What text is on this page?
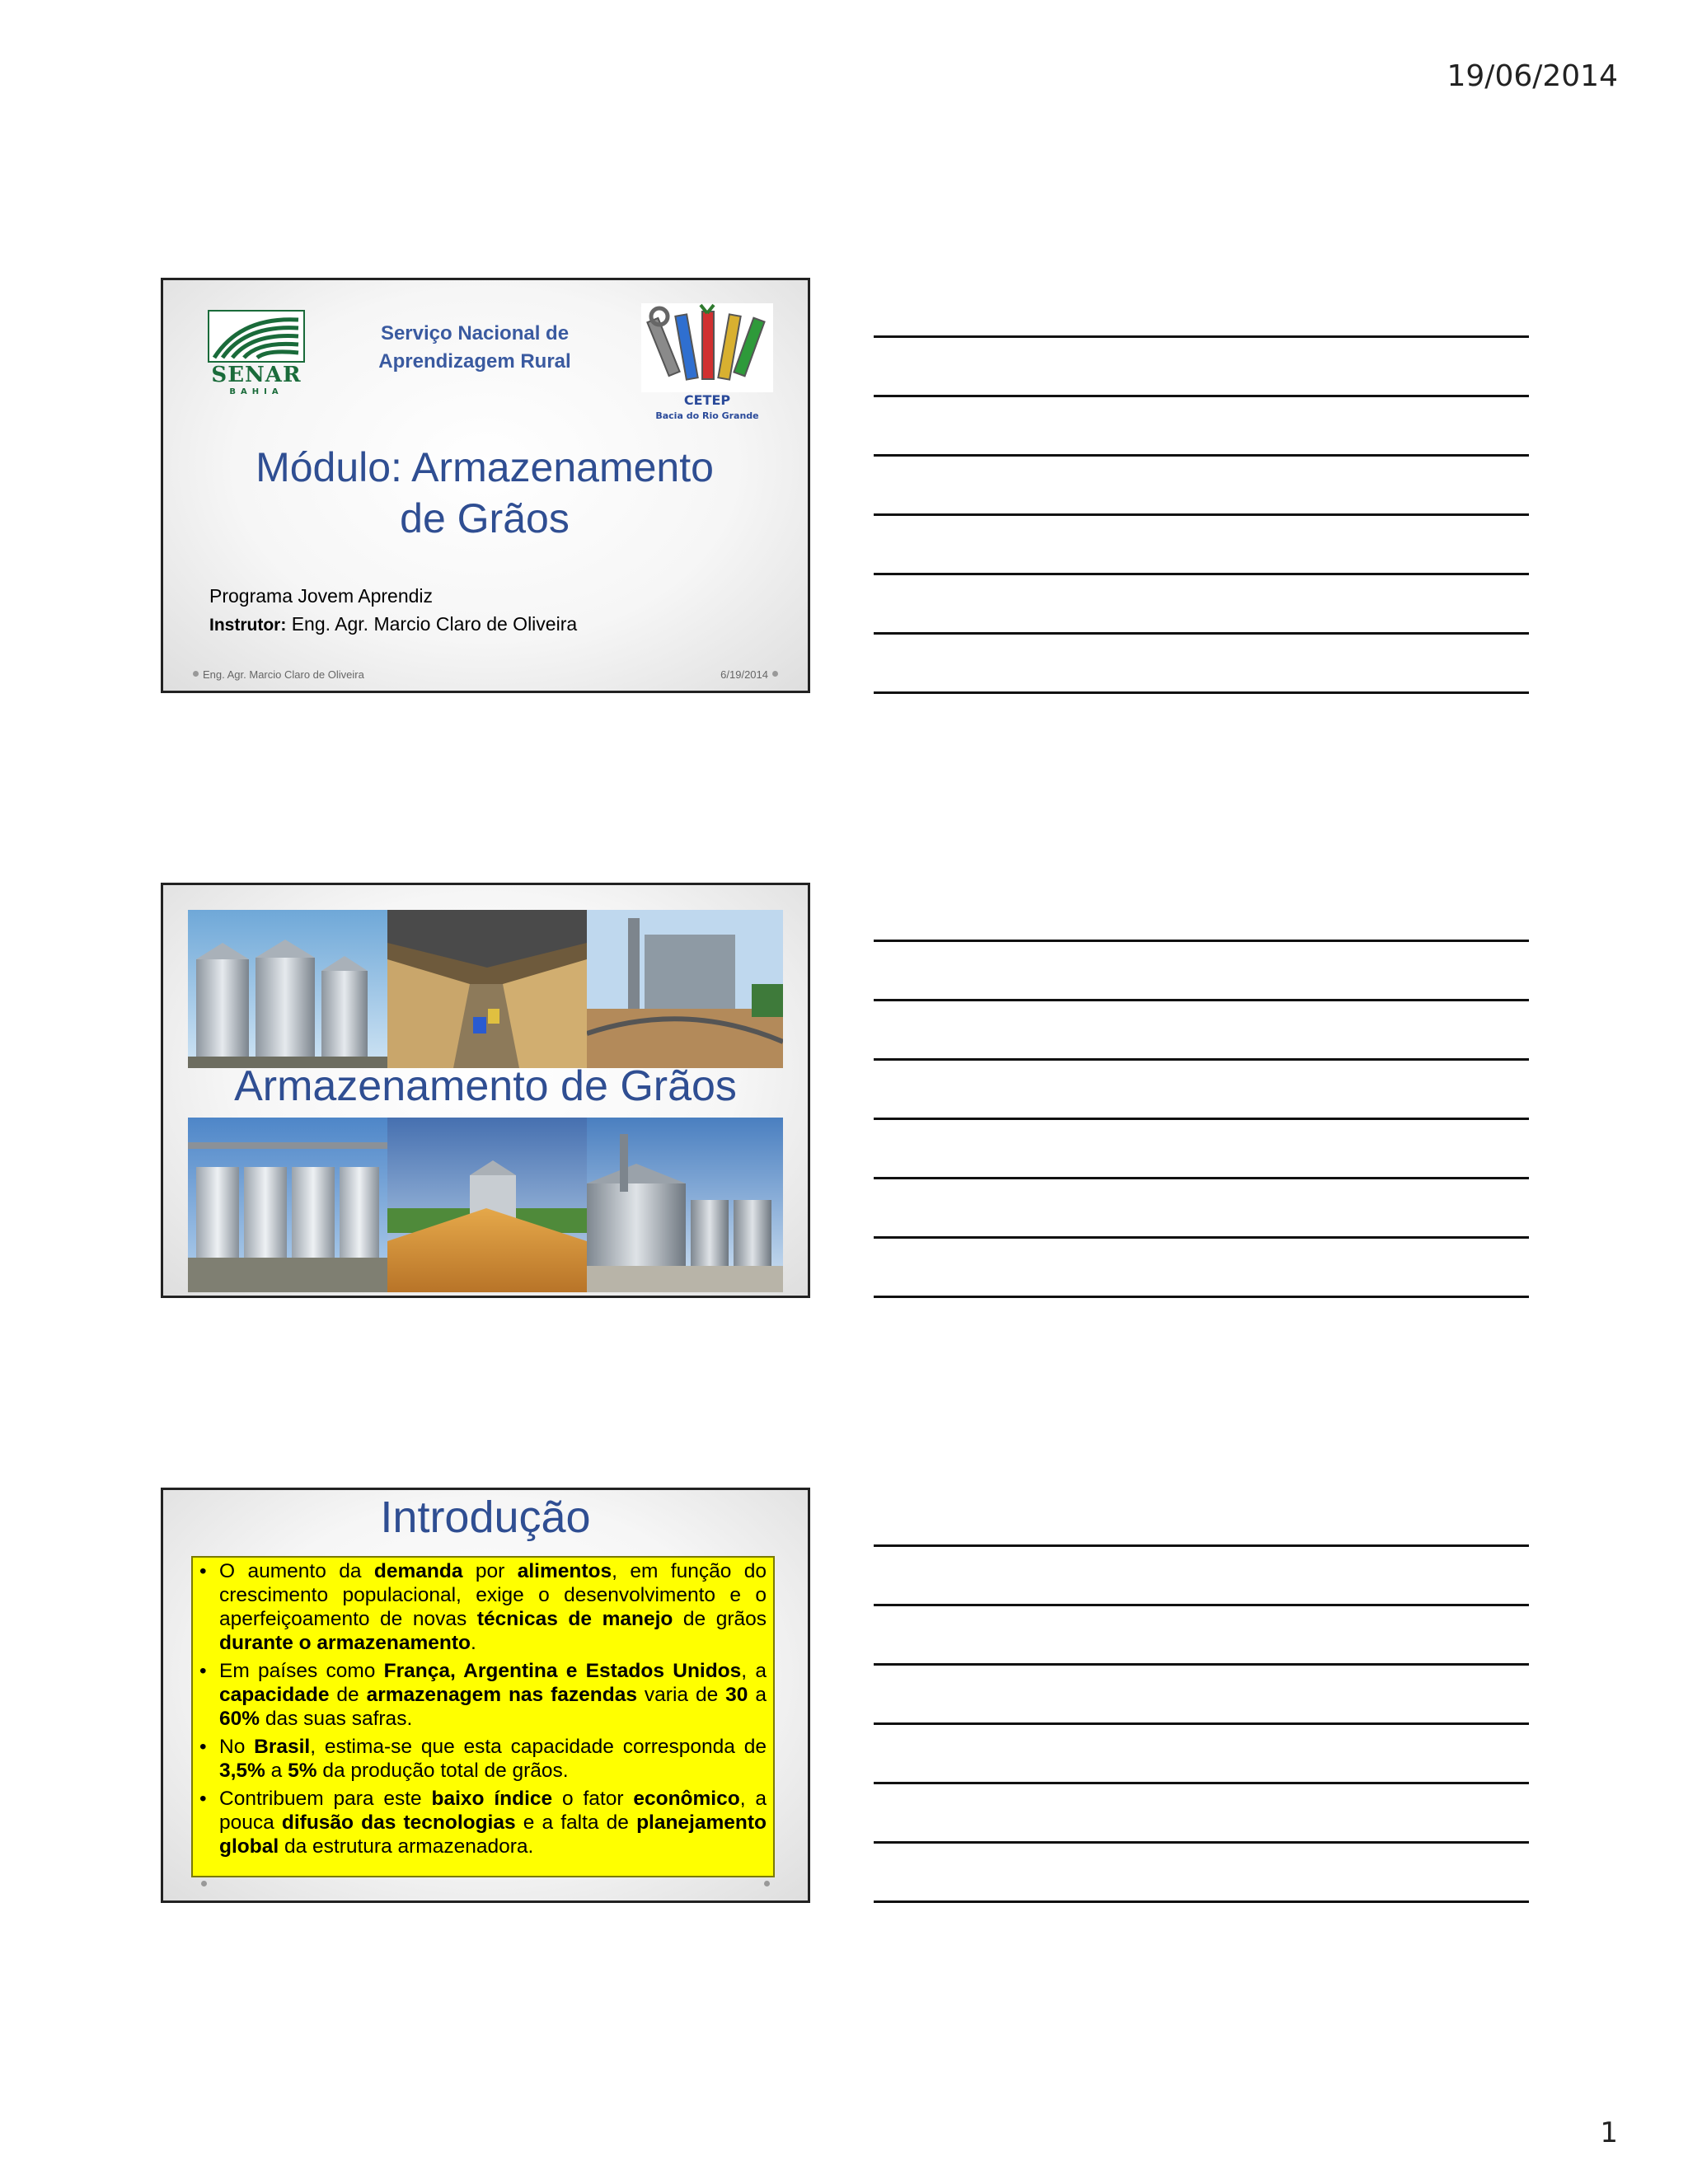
19/06/2014
SENAR
BAHIA
Serviço Nacional de
Aprendizagem Rural
CETEP
Bacia do Rio Grande
Módulo: Armazenamento
de Grãos
Programa Jovem Aprendiz
Instrutor: Eng. Agr. Marcio Claro de Oliveira
Eng. Agr. Marcio Claro de Oliveira	6/19/2014
Armazenamento de Grãos
Introdução
• O aumento da demanda por alimentos, em função do crescimento populacional, exige o desenvolvimento e o aperfeiçoamento de novas técnicas de manejo de grãos durante o armazenamento.
• Em países como França, Argentina e Estados Unidos, a capacidade de armazenagem nas fazendas varia de 30 a 60% das suas safras.
• No Brasil, estima-se que esta capacidade corresponda de 3,5% a 5% da produção total de grãos.
• Contribuem para este baixo índice o fator econômico, a pouca difusão das tecnologias e a falta de planejamento global da estrutura armazenadora.
1
